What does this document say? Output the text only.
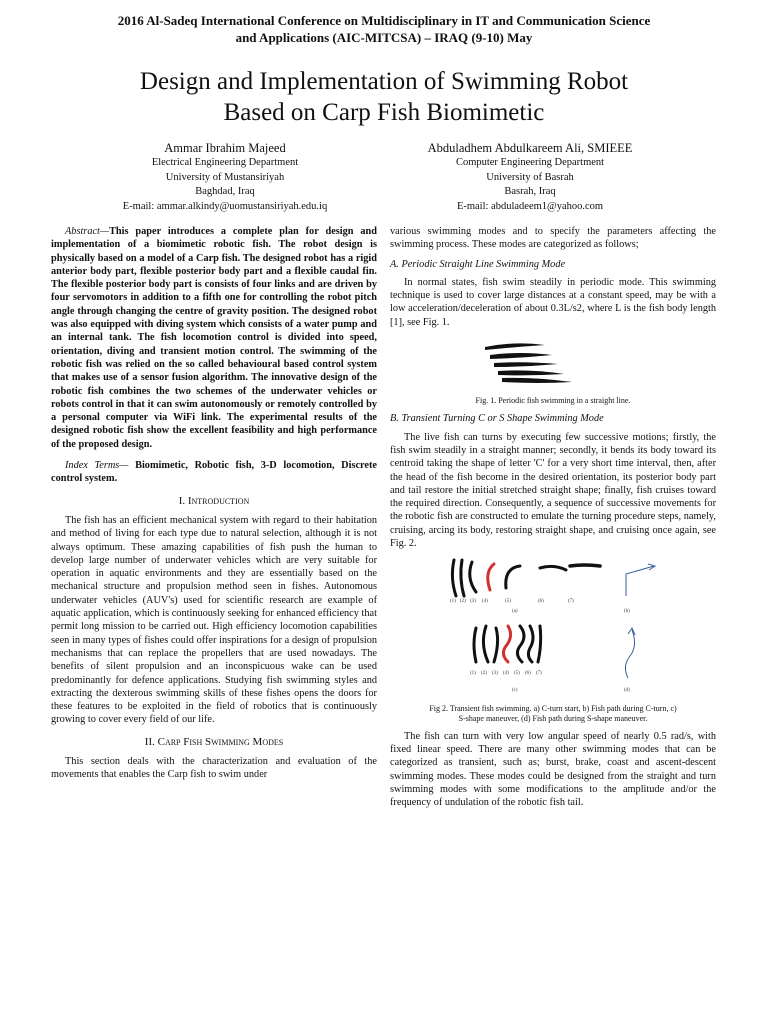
2016 Al-Sadeq International Conference on Multidisciplinary in IT and Communication Science
and Applications (AIC-MITCSA) – IRAQ (9-10) May
Design and Implementation of Swimming Robot
Based on Carp Fish Biomimetic
Ammar Ibrahim Majeed
Electrical Engineering Department
University of Mustansiriyah
Baghdad, Iraq
E-mail: ammar.alkindy@uomustansiriyah.edu.iq
Abduladhem Abdulkareem Ali, SMIEEE
Computer Engineering Department
University of Basrah
Basrah, Iraq
E-mail: abduladeem1@yahoo.com

Abstract—This paper introduces a complete plan for design and implementation of a biomimetic robotic fish. The robot design is physically based on a model of a Carp fish. The designed robot has a rigid anterior body part, flexible posterior body part and a flexible caudal fin. The flexible posterior body part is consists of four links and are driven by four servomotors in addition to a fifth one for controlling the robot pitch angle through changing the centre of gravity position. The designed robot was also equipped with diving system which consists of a water pump and an internal tank. The fish locomotion control is divided into speed, orientation, diving and transient motion control. The swimming of the robotic fish was relied on the so called behavioural based control system that makes use of a sensor fusion algorithm. The innovative design of the robotic fish combines the two schemes of the underwater vehicles or robots control in that it can swim autonomously or remotely controlled by a personal computer via WiFi link. The experimental results of the designed robotic fish show the excellent feasibility and high performance of the proposed design.

Index Terms— Biomimetic, Robotic fish, 3-D locomotion, Discrete control system.

I. Introduction

The fish has an efficient mechanical system with regard to their habitation and method of living for each type due to natural selection, although it is not always optimum. These amazing capabilities of fish push the human to develop large number of underwater vehicles which are very suitable for operation in aquatic environments and they are essentially based on the mechanical structure and propulsion method seen in fishes. Autonomous underwater vehicles (AUV's) used for scientific research are example of aquatic application, which is continuously seeking for enhanced efficiency that permit long mission to be carried out. High efficiency locomotion capabilities seen in many types of fishes could offer inspirations for a design of propulsion mechanisms that can replace the propellers that are used nowadays. The benefits of silent propulsion and an inconspicuous wake can be used predominantly for defence applications. Studying fish swimming styles and extracting the dexterous swimming skills of these fishes opens the doors for these features to be exploited in the field of robotics that is continuously growing to cover every field of our life.

II. Carp Fish Swimming Modes

This section deals with the characterization and evaluation of the movements that enables the Carp fish to swim under

various swimming modes and to specify the parameters affecting the swimming process. These modes are categorized as follows;

A. Periodic Straight Line Swimming Mode

In normal states, fish swim steadily in periodic mode. This swimming technique is used to cover large distances at a constant speed, may be with a low acceleration/deceleration of about 0.3L/s2, where L is the fish body length [1], see Fig. 1.

Fig. 1. Periodic fish swimming in a straight line.
B. Transient Turning C or S Shape Swimming Mode

The live fish can turns by executing few successive motions; firstly, the fish swim steadily in a straight manner; secondly, it bends its body toward its centroid taking the shape of letter 'C' for a very short time interval, then, after the head of the fish become in the desired orientation, its posterior body part and tail restore the initial stretched straight shape; finally, fish cruises toward the required direction. Consequently, a sequence of successive movements for the robotic fish are constructed to emulate the turning procedure steps, namely, cruising, arcing its body, restoring straight shape, and cruising once again, see Fig. 2.

(1) (2) (3) (4)	(5)	(6)	(7)
(a)	(b)
(c)	(d)
(1) (2) (3) (4) (5) (6) (7)
Fig 2. Transient fish swimming. a) C-turn start, b) Fish path during C-turn, c)
S-shape maneuver, (d) Fish path during S-shape maneuver.

The fish can turn with very low angular speed of nearly 0.5 rad/s, with fixed linear speed. There are many other swimming modes that can be categorized as transient, such as; burst, brake, coast and ascent-descent swimming modes. These modes could be designed from the straight and turn swimming modes with some modifications to the amplitude and/or the frequency of undulation of the robotic fish tail.
